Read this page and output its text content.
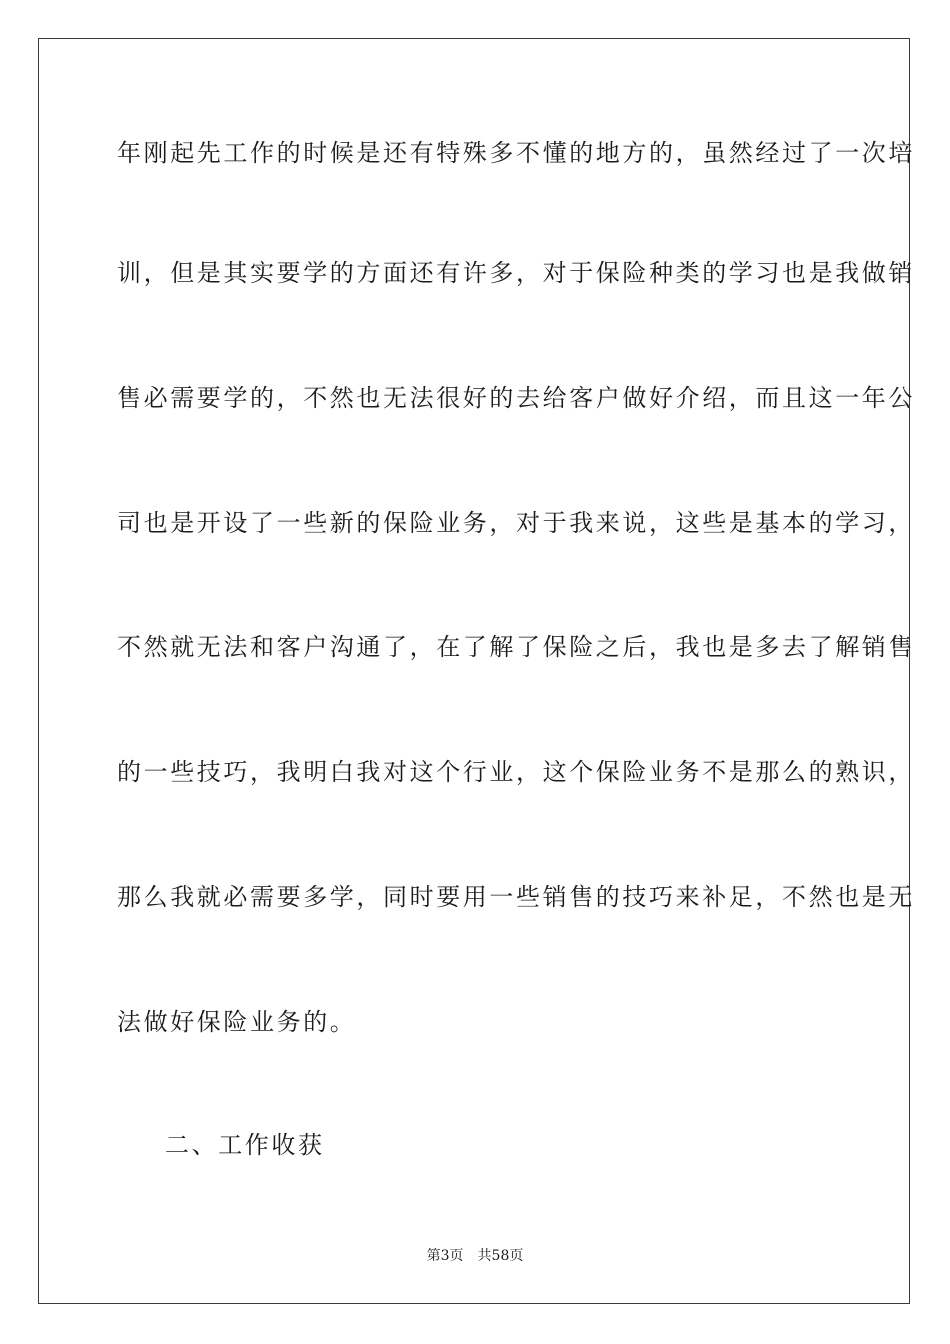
年刚起先工作的时候是还有特殊多不懂的地方的，虽然经过了一次培
训，但是其实要学的方面还有许多，对于保险种类的学习也是我做销
售必需要学的，不然也无法很好的去给客户做好介绍，而且这一年公
司也是开设了一些新的保险业务，对于我来说，这些是基本的学习，
不然就无法和客户沟通了，在了解了保险之后，我也是多去了解销售
的一些技巧，我明白我对这个行业，这个保险业务不是那么的熟识，
那么我就必需要多学，同时要用一些销售的技巧来补足，不然也是无
法做好保险业务的。
二、工作收获
第3页 共58页
